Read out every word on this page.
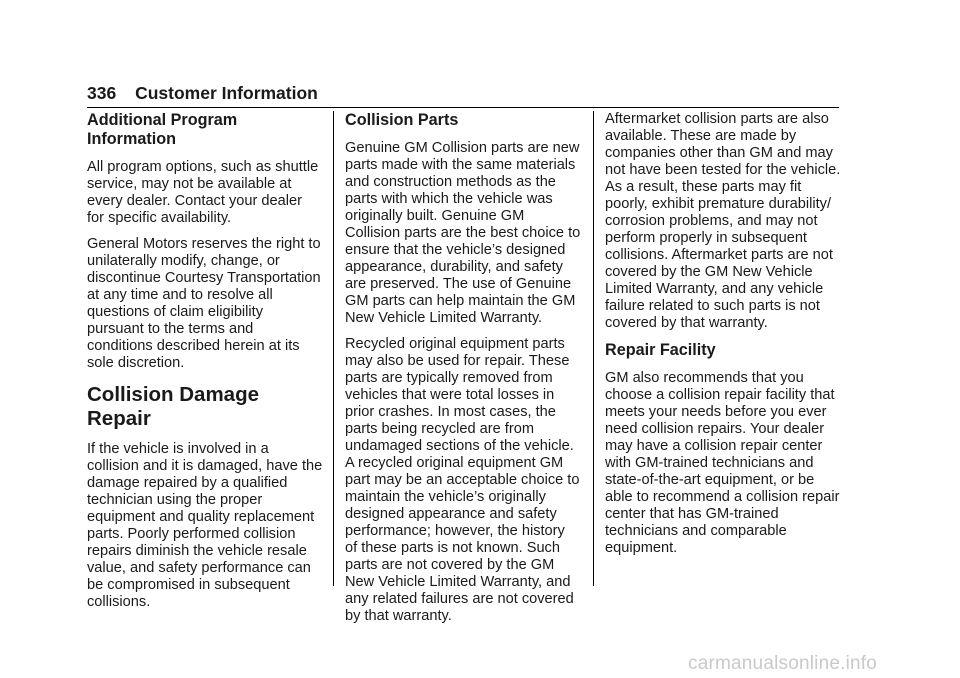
336 Customer Information
Additional Program Information

All program options, such as shuttle service, may not be available at every dealer. Contact your dealer for specific availability.

General Motors reserves the right to unilaterally modify, change, or discontinue Courtesy Transportation at any time and to resolve all questions of claim eligibility pursuant to the terms and conditions described herein at its sole discretion.

Collision Damage Repair

If the vehicle is involved in a collision and it is damaged, have the damage repaired by a qualified technician using the proper equipment and quality replacement parts. Poorly performed collision repairs diminish the vehicle resale value, and safety performance can be compromised in subsequent collisions.

Collision Parts

Genuine GM Collision parts are new parts made with the same materials and construction methods as the parts with which the vehicle was originally built. Genuine GM Collision parts are the best choice to ensure that the vehicle’s designed appearance, durability, and safety are preserved. The use of Genuine GM parts can help maintain the GM New Vehicle Limited Warranty.

Recycled original equipment parts may also be used for repair. These parts are typically removed from vehicles that were total losses in prior crashes. In most cases, the parts being recycled are from undamaged sections of the vehicle. A recycled original equipment GM part may be an acceptable choice to maintain the vehicle’s originally designed appearance and safety performance; however, the history of these parts is not known. Such parts are not covered by the GM New Vehicle Limited Warranty, and any related failures are not covered by that warranty.

Aftermarket collision parts are also available. These are made by companies other than GM and may not have been tested for the vehicle. As a result, these parts may fit poorly, exhibit premature durability/ corrosion problems, and may not perform properly in subsequent collisions. Aftermarket parts are not covered by the GM New Vehicle Limited Warranty, and any vehicle failure related to such parts is not covered by that warranty.

Repair Facility

GM also recommends that you choose a collision repair facility that meets your needs before you ever need collision repairs. Your dealer may have a collision repair center with GM-trained technicians and state-of-the-art equipment, or be able to recommend a collision repair center that has GM-trained technicians and comparable equipment.

carmanualsonline.info
